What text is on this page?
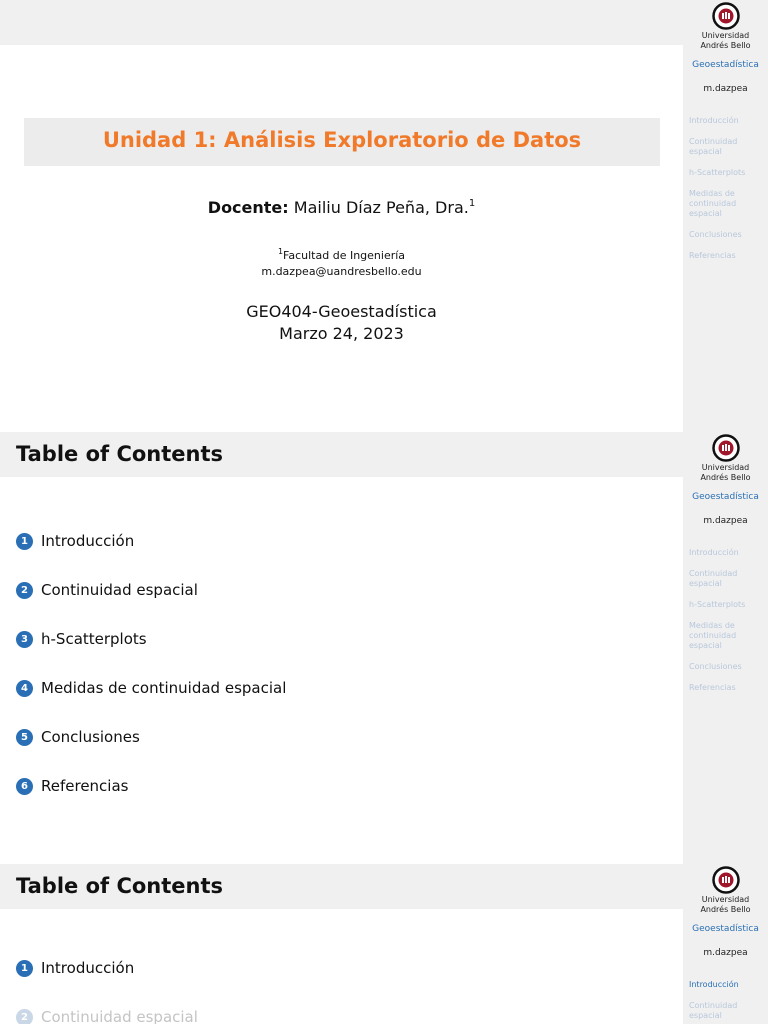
Unidad 1: Análisis Exploratorio de Datos
Docente: Mailiu Díaz Peña, Dra.$^1$
$^1$Facultad de Ingeniería
m.dazpea@uandresbello.edu
GEO404-Geoestadística
Marzo 24, 2023
Universidad
Andrés Bello
Geoestadística
m.dazpea
Introducción
Continuidad espacial
h-Scatterplots
Medidas de continuidad espacial
Conclusiones
Referencias
Table of Contents
1 Introducción
2 Continuidad espacial
3 h-Scatterplots
4 Medidas de continuidad espacial
5 Conclusiones
6 Referencias
Universidad
Andrés Bello
Geoestadística
m.dazpea
Introducción
Continuidad espacial
h-Scatterplots
Medidas de continuidad espacial
Conclusiones
Referencias
Table of Contents
1 Introducción
2 Continuidad espacial
Universidad
Andrés Bello
Geoestadística
m.dazpea
Introducción
Continuidad espacial
